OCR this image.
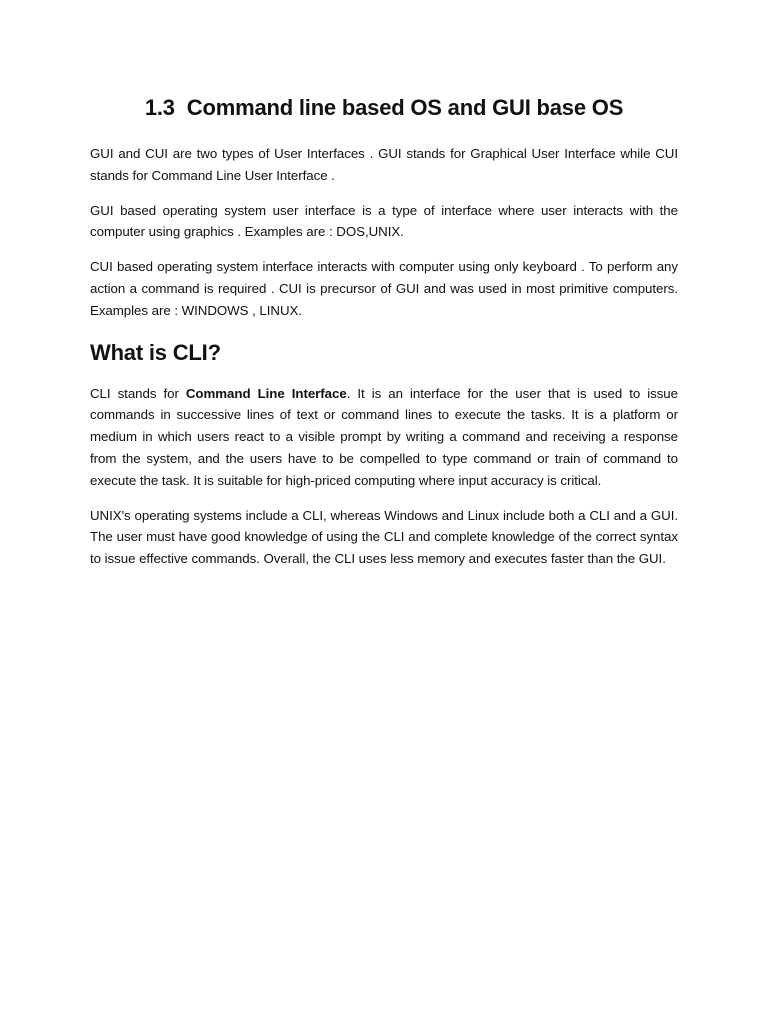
1.3 Command line based OS and GUI base OS

GUI and CUI are two types of User Interfaces . GUI stands for Graphical User Interface while CUI stands for Command Line User Interface .

GUI based operating system user interface is a type of interface where user interacts with the computer using graphics . Examples are : DOS,UNIX.

CUI based operating system interface interacts with computer using only keyboard . To perform any action a command is required . CUI is precursor of GUI and was used in most primitive computers. Examples are : WINDOWS , LINUX.

What is CLI?

CLI stands for Command Line Interface. It is an interface for the user that is used to issue commands in successive lines of text or command lines to execute the tasks. It is a platform or medium in which users react to a visible prompt by writing a command and receiving a response from the system, and the users have to be compelled to type command or train of command to execute the task. It is suitable for high-priced computing where input accuracy is critical.

UNIX's operating systems include a CLI, whereas Windows and Linux include both a CLI and a GUI. The user must have good knowledge of using the CLI and complete knowledge of the correct syntax to issue effective commands. Overall, the CLI uses less memory and executes faster than the GUI.
